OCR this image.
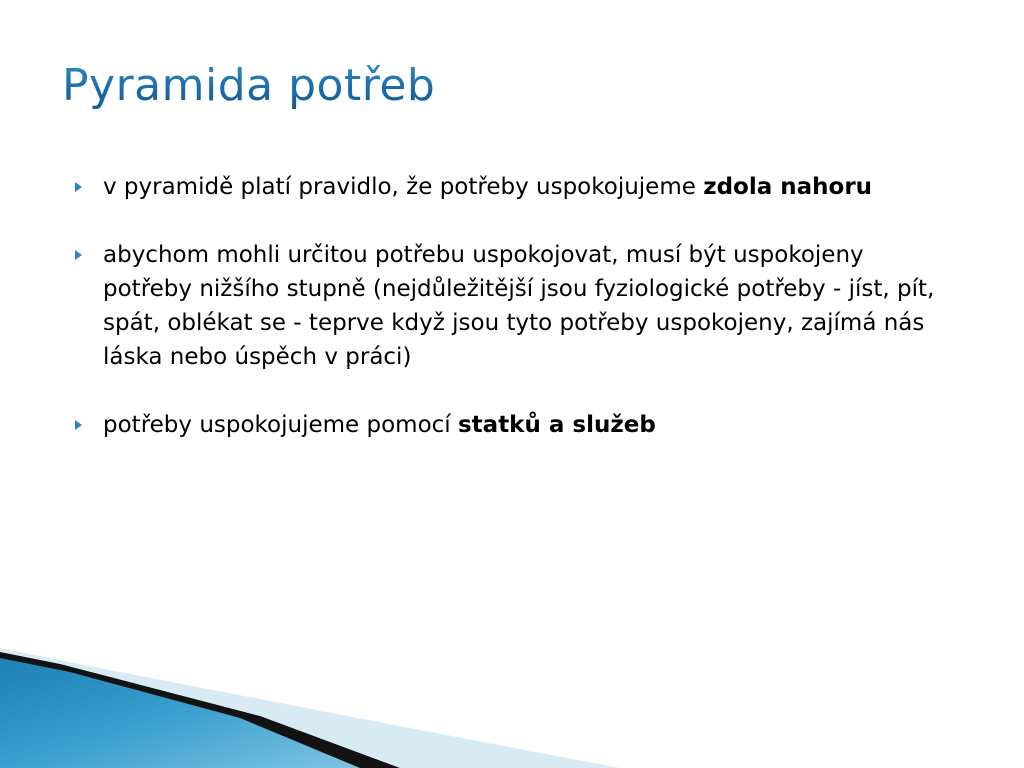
Pyramida potřeb
v pyramidě platí pravidlo, že potřeby uspokojujeme zdola nahoru
abychom mohli určitou potřebu uspokojovat, musí být uspokojeny potřeby nižšího stupně (nejdůležitější jsou fyziologické potřeby - jíst, pít, spát, oblékat se - teprve když jsou tyto potřeby uspokojeny, zajímá nás láska nebo úspěch v práci)
potřeby uspokojujeme pomocí statků a služeb
